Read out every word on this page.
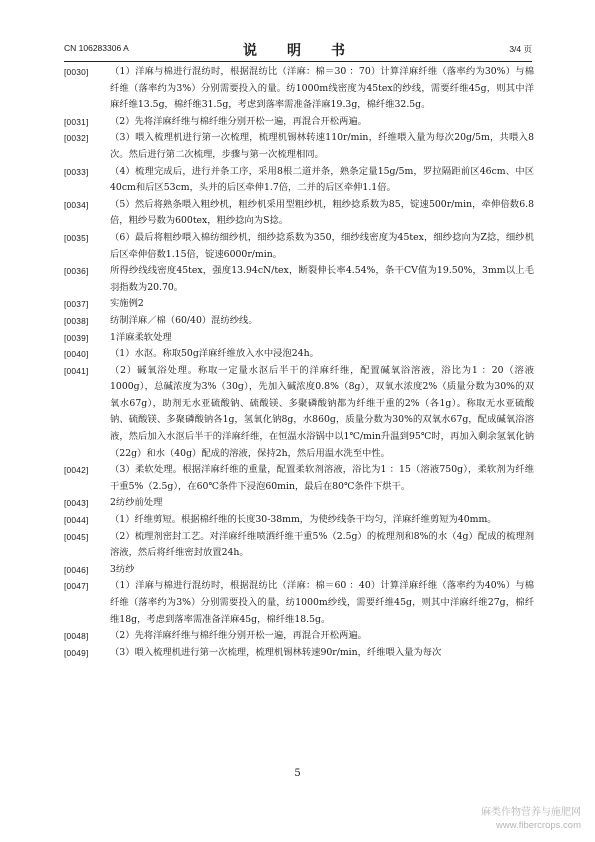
CN 106283306 A	说　明　书	3/4 页
[0030] （1）洋麻与棉进行混纺时，根据混纺比（洋麻：棉＝30 ：70）计算洋麻纤维（落率约为30%）与棉纤维（落率约为3%）分别需要投入的量。纺1000m线密度为45tex的纱线，需要纤维45g，则其中洋麻纤维13.5g，棉纤维31.5g，考虑到落率需准备洋麻19.3g，棉纤维32.5g。
[0031] （2）先将洋麻纤维与棉纤维分别开松一遍，再混合开松两遍。
[0032] （3）喂入梳理机进行第一次梳理，梳理机锡林转速110r/min，纤维喂入量为每次20g/5m，共喂入8次。然后进行第二次梳理，步骤与第一次梳理相同。
[0033] （4）梳理完成后，进行并条工序，采用8根二道并条，熟条定量15g/5m，罗拉隔距前区46cm、中区40cm和后区53cm，头并的后区牵伸1.7倍，二并的后区牵伸1.1倍。
[0034] （5）然后将熟条喂入粗纱机，粗纱机采用型粗纱机，粗纱捻系数为85，锭速500r/min，牵伸倍数6.8倍，粗纱号数为600tex，粗纱捻向为S捻。
[0035] （6）最后将粗纱喂入棉纺细纱机，细纱捻系数为350，细纱线密度为45tex，细纱捻向为Z捻，细纱机后区牵伸倍数1.15倍，锭速6000r/min。
[0036] 所得纱线线密度45tex，强度13.94cN/tex，断裂伸长率4.54%，条干CV值为19.50%，3mm以上毛羽指数为20.70。
[0037] 实施例2
[0038] 纺制洋麻／棉（60/40）混纺纱线。
[0039] 1洋麻柔软处理
[0040] （1）水沤。称取50g洋麻纤维放入水中浸泡24h。
[0041] （2）碱氧浴处理。称取一定量水沤后半干的洋麻纤维，配置碱氧浴溶液，浴比为1 ：20（溶液1000g），总碱浓度为3%（30g），先加入碱浓度0.8%（8g），双氧水浓度2%（质量分数为30%的双氧水67g），助剂无水亚硫酸钠、硫酸镁、多聚磷酸钠都为纤维干重的2%（各1g）。称取无水亚硫酸钠、硫酸镁、多聚磷酸钠各1g，氢氧化钠8g，水860g，质量分数为30%的双氧水67g，配成碱氧浴溶液，然后加入水沤后半干的洋麻纤维，在恒温水浴锅中以1℃/min升温到95℃时，再加入剩余氢氧化钠（22g）和水（40g）配成的溶液，保持2h，然后用温水洗至中性。
[0042] （3）柔软处理。根据洋麻纤维的重量，配置柔软剂溶液，浴比为1 ：15（溶液750g），柔软剂为纤维干重5%（2.5g），在60℃条件下浸泡60min，最后在80℃条件下烘干。
[0043] 2纺纱前处理
[0044] （1）纤维剪短。根据棉纤维的长度30-38mm，为使纱线条干均匀，洋麻纤维剪短为40mm。
[0045] （2）梳理剂密封工艺。对洋麻纤维喷洒纤维干重5%（2.5g）的梳理剂和8%的水（4g）配成的梳理剂溶液，然后将纤维密封放置24h。
[0046] 3纺纱
[0047] （1）洋麻与棉进行混纺时，根据混纺比（洋麻：棉＝60 ：40）计算洋麻纤维（落率约为40%）与棉纤维（落率约为3%）分别需要投入的量，纺1000m纱线，需要纤维45g，则其中洋麻纤维27g，棉纤维18g，考虑到落率需准备洋麻45g，棉纤维18.5g。
[0048] （2）先将洋麻纤维与棉纤维分别开松一遍，再混合开松两遍。
[0049] （3）喂入梳理机进行第一次梳理，梳理机锡林转速90r/min，纤维喂入量为每次
5
麻类作物营养与施肥网
www.fibercrops.com
